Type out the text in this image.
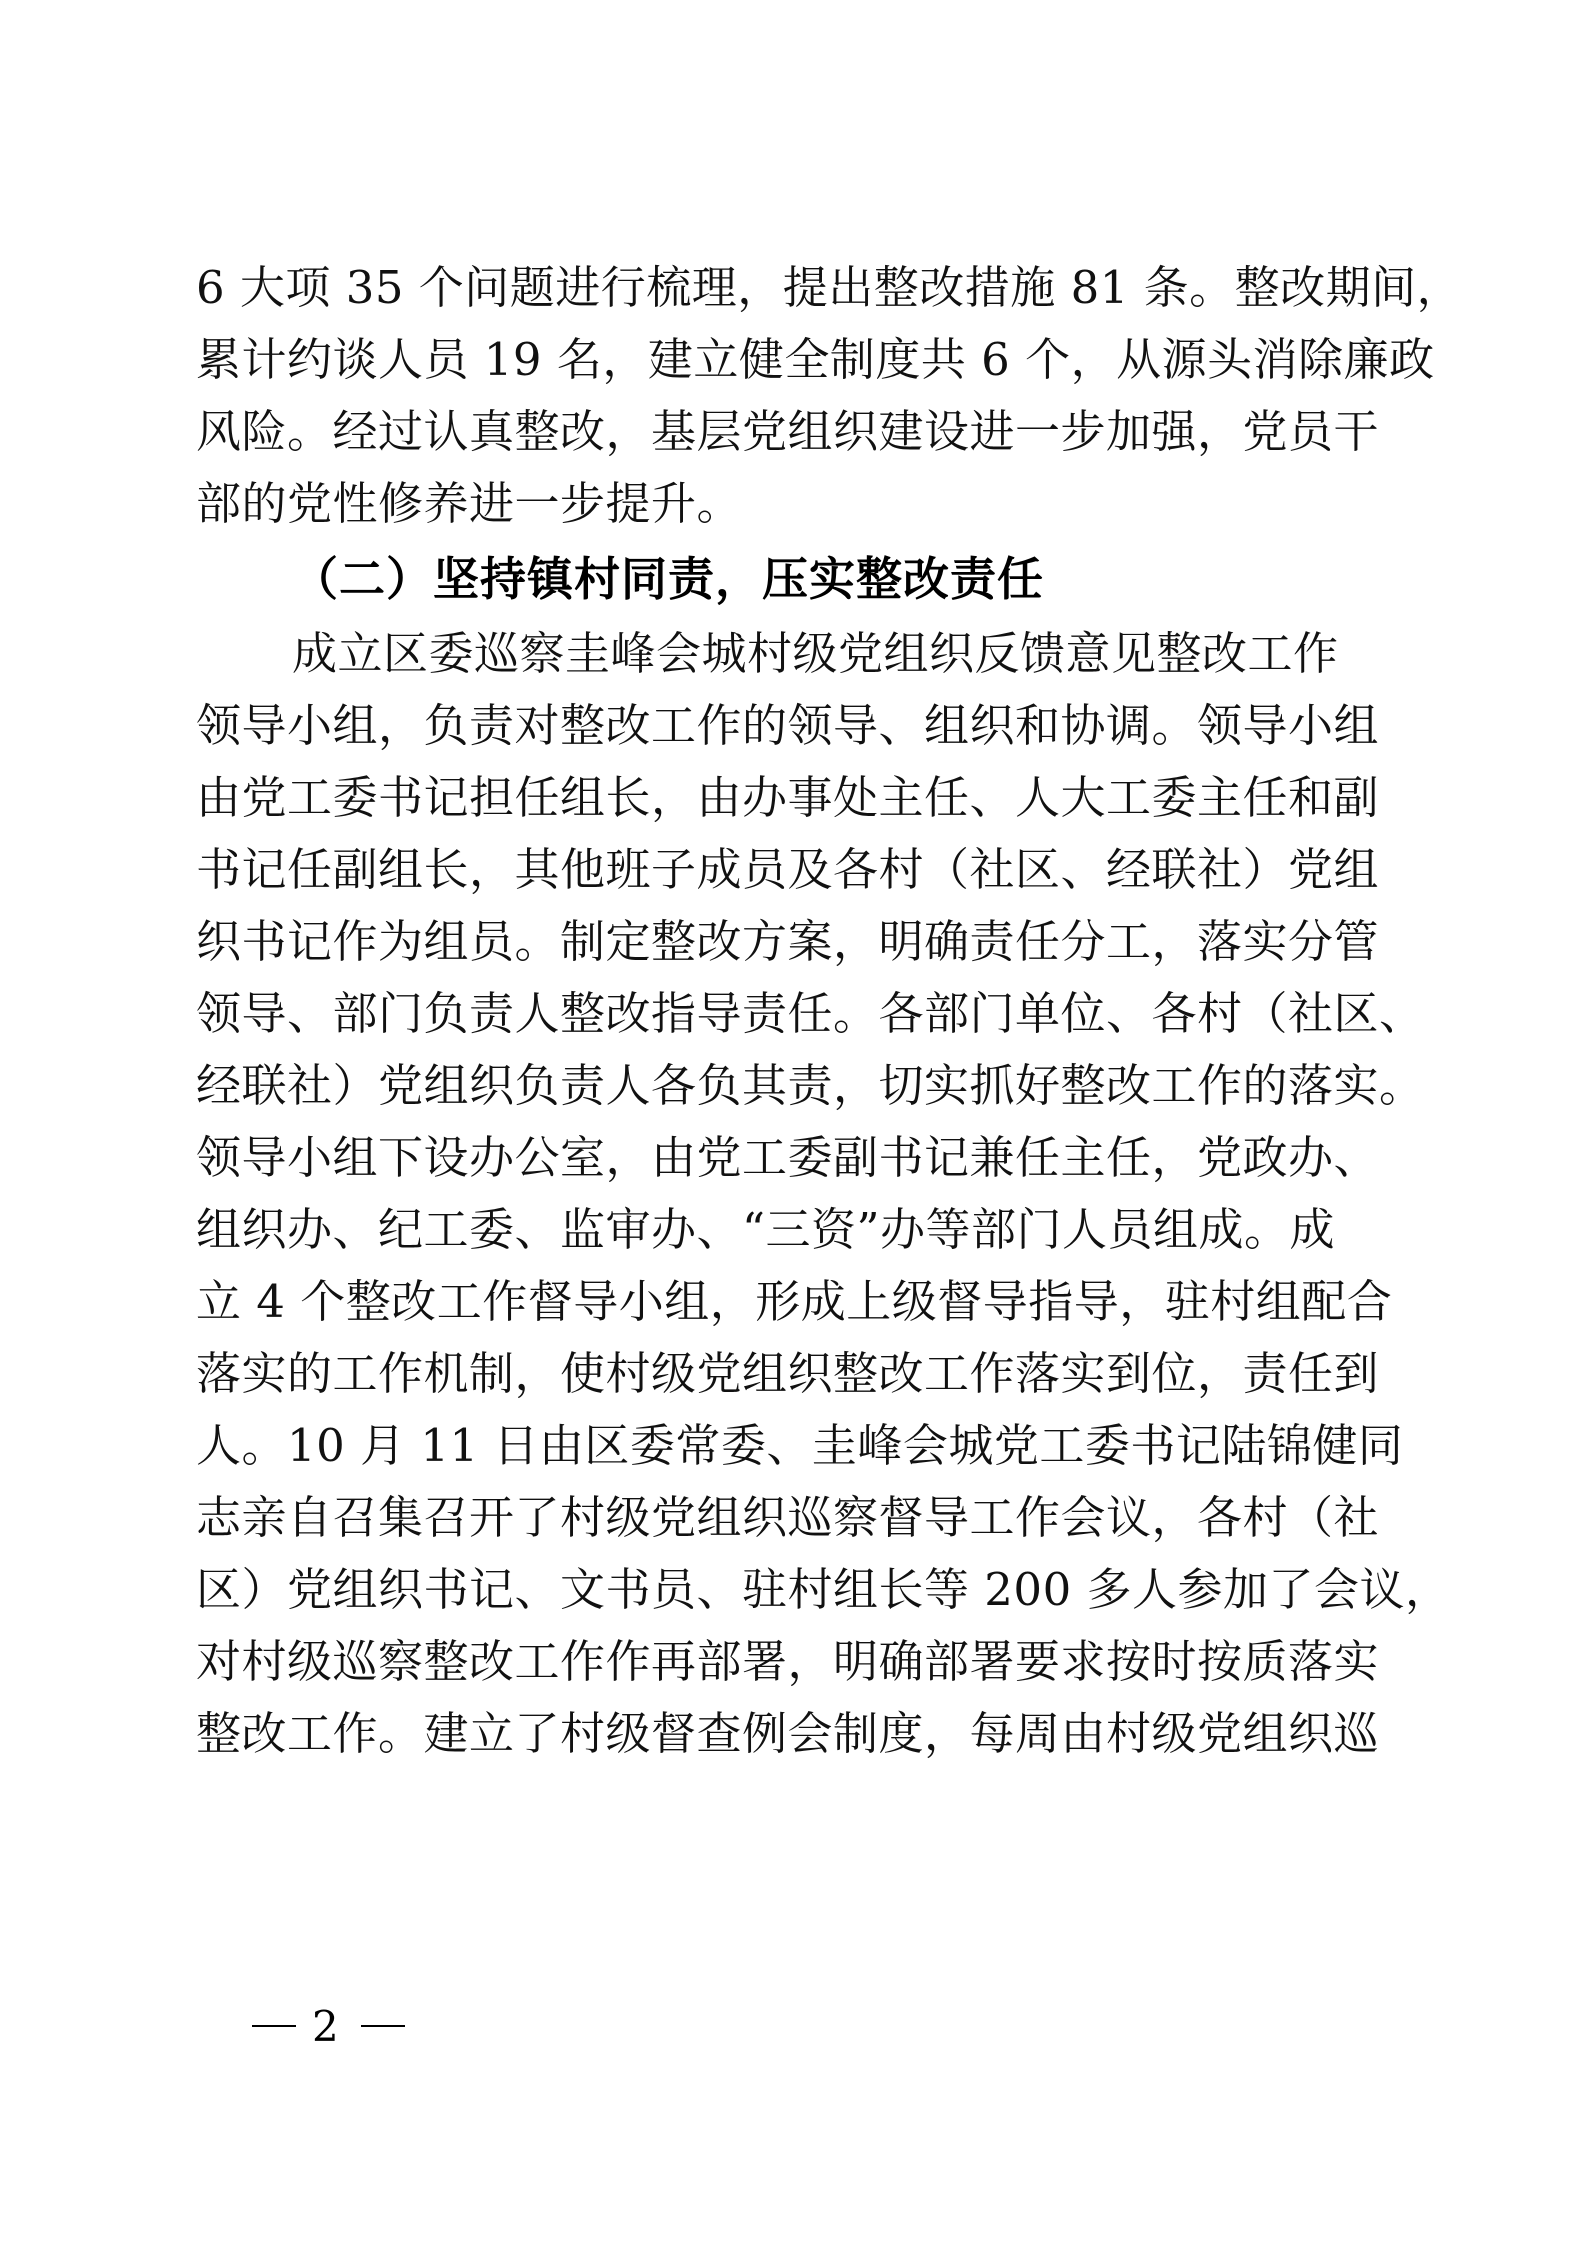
6 大项 35 个问题进行梳理，提出整改措施 81 条。整改期间，
累计约谈人员 19 名，建立健全制度共 6 个，从源头消除廉政
风险。经过认真整改，基层党组织建设进一步加强，党员干
部的党性修养进一步提升。
（二）坚持镇村同责，压实整改责任
成立区委巡察圭峰会城村级党组织反馈意见整改工作
领导小组，负责对整改工作的领导、组织和协调。领导小组
由党工委书记担任组长，由办事处主任、人大工委主任和副
书记任副组长，其他班子成员及各村（社区、经联社）党组
织书记作为组员。制定整改方案，明确责任分工，落实分管
领导、部门负责人整改指导责任。各部门单位、各村（社区、
经联社）党组织负责人各负其责，切实抓好整改工作的落实。
领导小组下设办公室，由党工委副书记兼任主任，党政办、
组织办、纪工委、监审办、“三资”办等部门人员组成。成
立 4 个整改工作督导小组，形成上级督导指导，驻村组配合
落实的工作机制，使村级党组织整改工作落实到位，责任到
人。10 月 11 日由区委常委、圭峰会城党工委书记陆锦健同
志亲自召集召开了村级党组织巡察督导工作会议，各村（社
区）党组织书记、文书员、驻村组长等 200 多人参加了会议，
对村级巡察整改工作作再部署，明确部署要求按时按质落实
整改工作。建立了村级督查例会制度，每周由村级党组织巡
2
